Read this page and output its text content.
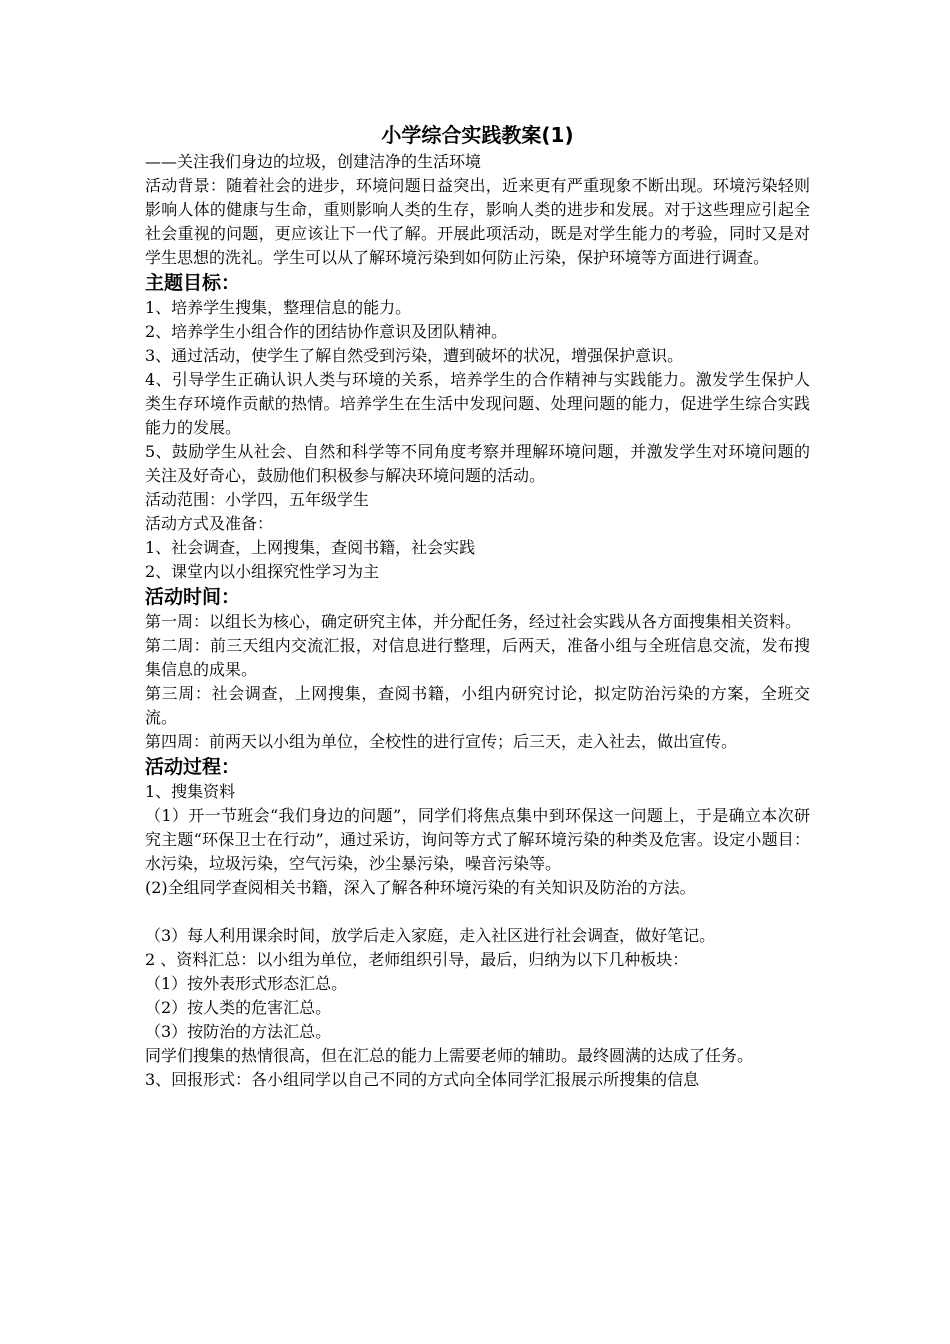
小学综合实践教案(1)

——关注我们身边的垃圾，创建洁净的生活环境

活动背景：随着社会的进步，环境问题日益突出，近来更有严重现象不断出现。环境污染轻则影响人体的健康与生命，重则影响人类的生存，影响人类的进步和发展。对于这些理应引起全社会重视的问题，更应该让下一代了解。开展此项活动，既是对学生能力的考验，同时又是对学生思想的洗礼。学生可以从了解环境污染到如何防止污染，保护环境等方面进行调查。

主题目标：

1、培养学生搜集，整理信息的能力。

2、培养学生小组合作的团结协作意识及团队精神。

3、通过活动，使学生了解自然受到污染，遭到破坏的状况，增强保护意识。

4、引导学生正确认识人类与环境的关系，培养学生的合作精神与实践能力。激发学生保护人类生存环境作贡献的热情。培养学生在生活中发现问题、处理问题的能力，促进学生综合实践能力的发展。

5、鼓励学生从社会、自然和科学等不同角度考察并理解环境问题，并激发学生对环境问题的关注及好奇心，鼓励他们积极参与解决环境问题的活动。

活动范围：小学四，五年级学生

活动方式及准备：

1、社会调查，上网搜集，查阅书籍，社会实践

2、课堂内以小组探究性学习为主

活动时间：

第一周：以组长为核心，确定研究主体，并分配任务，经过社会实践从各方面搜集相关资料。

第二周：前三天组内交流汇报，对信息进行整理，后两天，准备小组与全班信息交流，发布搜集信息的成果。

第三周：社会调查，上网搜集，查阅书籍，小组内研究讨论，拟定防治污染的方案，全班交流。

第四周：前两天以小组为单位，全校性的进行宣传；后三天，走入社去，做出宣传。

活动过程：

1、搜集资料

（1）开一节班会“我们身边的问题”，同学们将焦点集中到环保这一问题上，于是确立本次研究主题“环保卫士在行动”，通过采访，询问等方式了解环境污染的种类及危害。设定小题目：水污染，垃圾污染，空气污染，沙尘暴污染，噪音污染等。

(2)全组同学查阅相关书籍，深入了解各种环境污染的有关知识及防治的方法。

（3）每人利用课余时间，放学后走入家庭，走入社区进行社会调查，做好笔记。

2 、资料汇总：以小组为单位，老师组织引导，最后，归纳为以下几种板块：

（1）按外表形式形态汇总。

（2）按人类的危害汇总。

（3）按防治的方法汇总。

同学们搜集的热情很高，但在汇总的能力上需要老师的辅助。最终圆满的达成了任务。

3、回报形式：各小组同学以自己不同的方式向全体同学汇报展示所搜集的信息
